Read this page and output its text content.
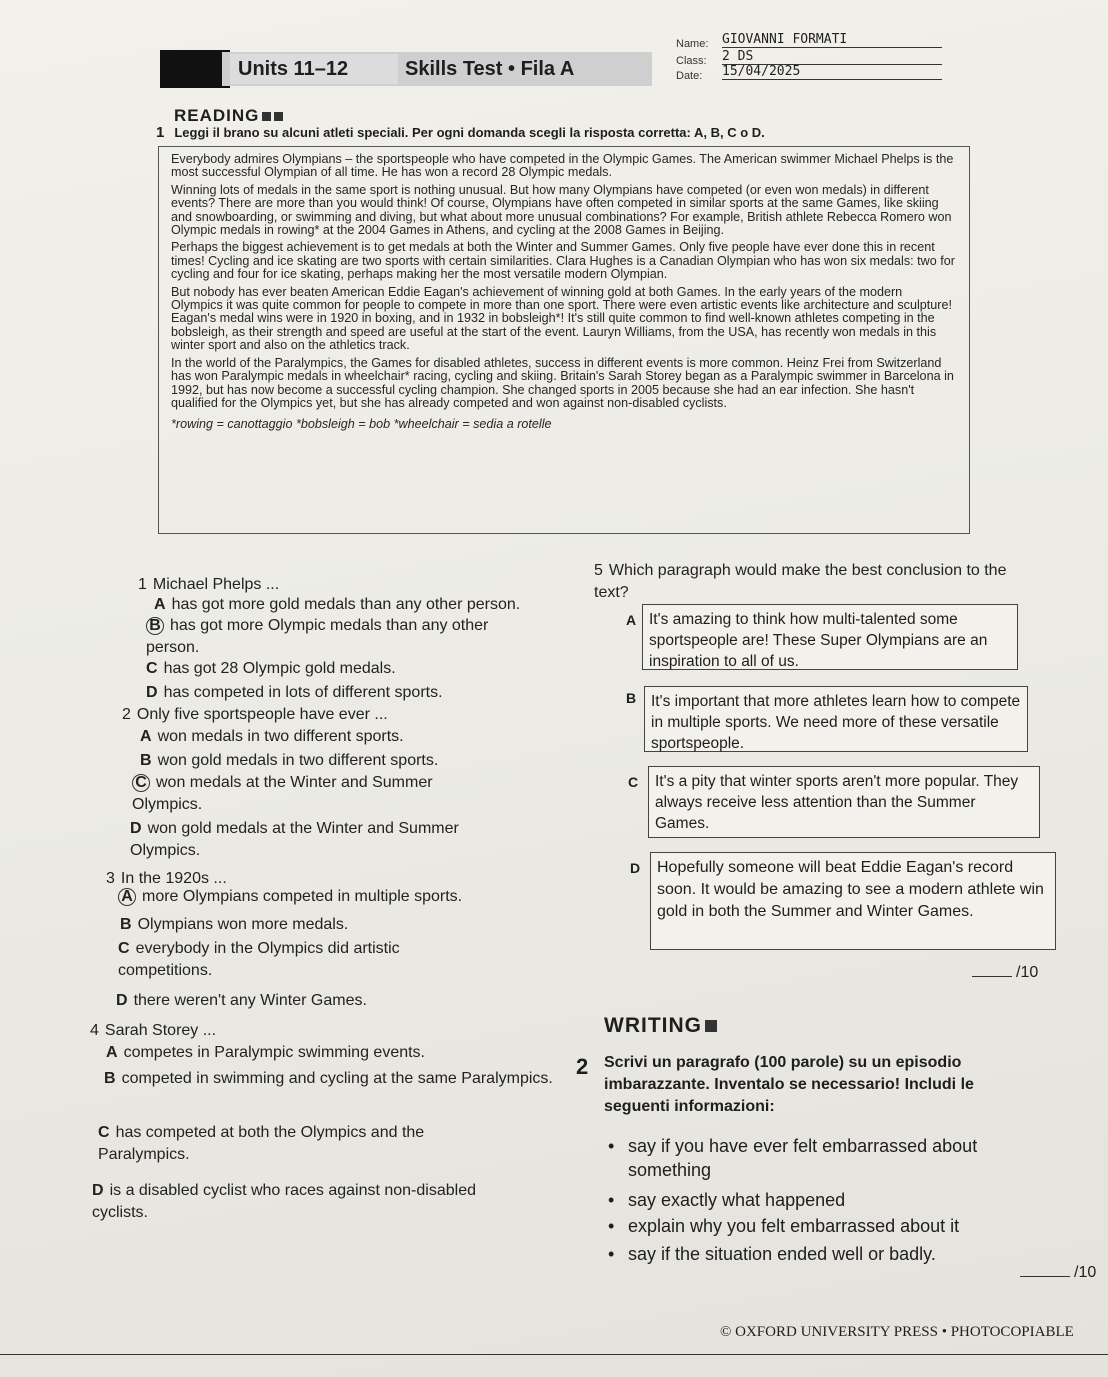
Units 11–12	Skills Test • Fila A
Name: GIOVANNI FORMATI
Class: 2 DS
Date: 15/04/2025
READING
1 Leggi il brano su alcuni atleti speciali. Per ogni domanda scegli la risposta corretta: A, B, C o D.

Everybody admires Olympians – the sportspeople who have competed in the Olympic Games. The American swimmer Michael Phelps is the most successful Olympian of all time. He has won a record 28 Olympic medals.

Winning lots of medals in the same sport is nothing unusual. But how many Olympians have competed (or even won medals) in different events? There are more than you would think! Of course, Olympians have often competed in similar sports at the same Games, like skiing and snowboarding, or swimming and diving, but what about more unusual combinations? For example, British athlete Rebecca Romero won Olympic medals in rowing* at the 2004 Games in Athens, and cycling at the 2008 Games in Beijing.

Perhaps the biggest achievement is to get medals at both the Winter and Summer Games. Only five people have ever done this in recent times! Cycling and ice skating are two sports with certain similarities. Clara Hughes is a Canadian Olympian who has won six medals: two for cycling and four for ice skating, perhaps making her the most versatile modern Olympian.

But nobody has ever beaten American Eddie Eagan's achievement of winning gold at both Games. In the early years of the modern Olympics it was quite common for people to compete in more than one sport. There were even artistic events like architecture and sculpture! Eagan's medal wins were in 1920 in boxing, and in 1932 in bobsleigh*! It's still quite common to find well-known athletes competing in the bobsleigh, as their strength and speed are useful at the start of the event. Lauryn Williams, from the USA, has recently won medals in this winter sport and also on the athletics track.

In the world of the Paralympics, the Games for disabled athletes, success in different events is more common. Heinz Frei from Switzerland has won Paralympic medals in wheelchair* racing, cycling and skiing. Britain's Sarah Storey began as a Paralympic swimmer in Barcelona in 1992, but has now become a successful cycling champion. She changed sports in 2005 because she had an ear infection. She hasn't qualified for the Olympics yet, but she has already competed and won against non-disabled cyclists.

*rowing = canottaggio *bobsleigh = bob *wheelchair = sedia a rotelle

1 Michael Phelps ...
A has got more gold medals than any other person.
B has got more Olympic medals than any other person.
C has got 28 Olympic gold medals.
D has competed in lots of different sports.
2 Only five sportspeople have ever ...
A won medals in two different sports.
B won gold medals in two different sports.
C won medals at the Winter and Summer Olympics.
D won gold medals at the Winter and Summer Olympics.
3 In the 1920s ...
A more Olympians competed in multiple sports.
B Olympians won more medals.
C everybody in the Olympics did artistic competitions.
D there weren't any Winter Games.
4 Sarah Storey ...
A competes in Paralympic swimming events.
B competed in swimming and cycling at the same Paralympics.
C has competed at both the Olympics and the Paralympics.
D is a disabled cyclist who races against non-disabled cyclists.
5 Which paragraph would make the best conclusion to the text?
A It's amazing to think how multi-talented some sportspeople are! These Super Olympians are an inspiration to all of us.
B It's important that more athletes learn how to compete in multiple sports. We need more of these versatile sportspeople.
C	It's a pity that winter sports aren't more popular. They always receive less attention than the Summer Games.
D	Hopefully someone will beat Eddie Eagan's record soon. It would be amazing to see a modern athlete win gold in both the Summer and Winter Games.
/10
WRITING
2 Scrivi un paragrafo (100 parole) su un episodio imbarazzante. Inventalo se necessario! Includi le seguenti informazioni:
• say if you have ever felt embarrassed about something
• say exactly what happened
• explain why you felt embarrassed about it
• say if the situation ended well or badly.
/10
© OXFORD UNIVERSITY PRESS • PHOTOCOPIABLE
